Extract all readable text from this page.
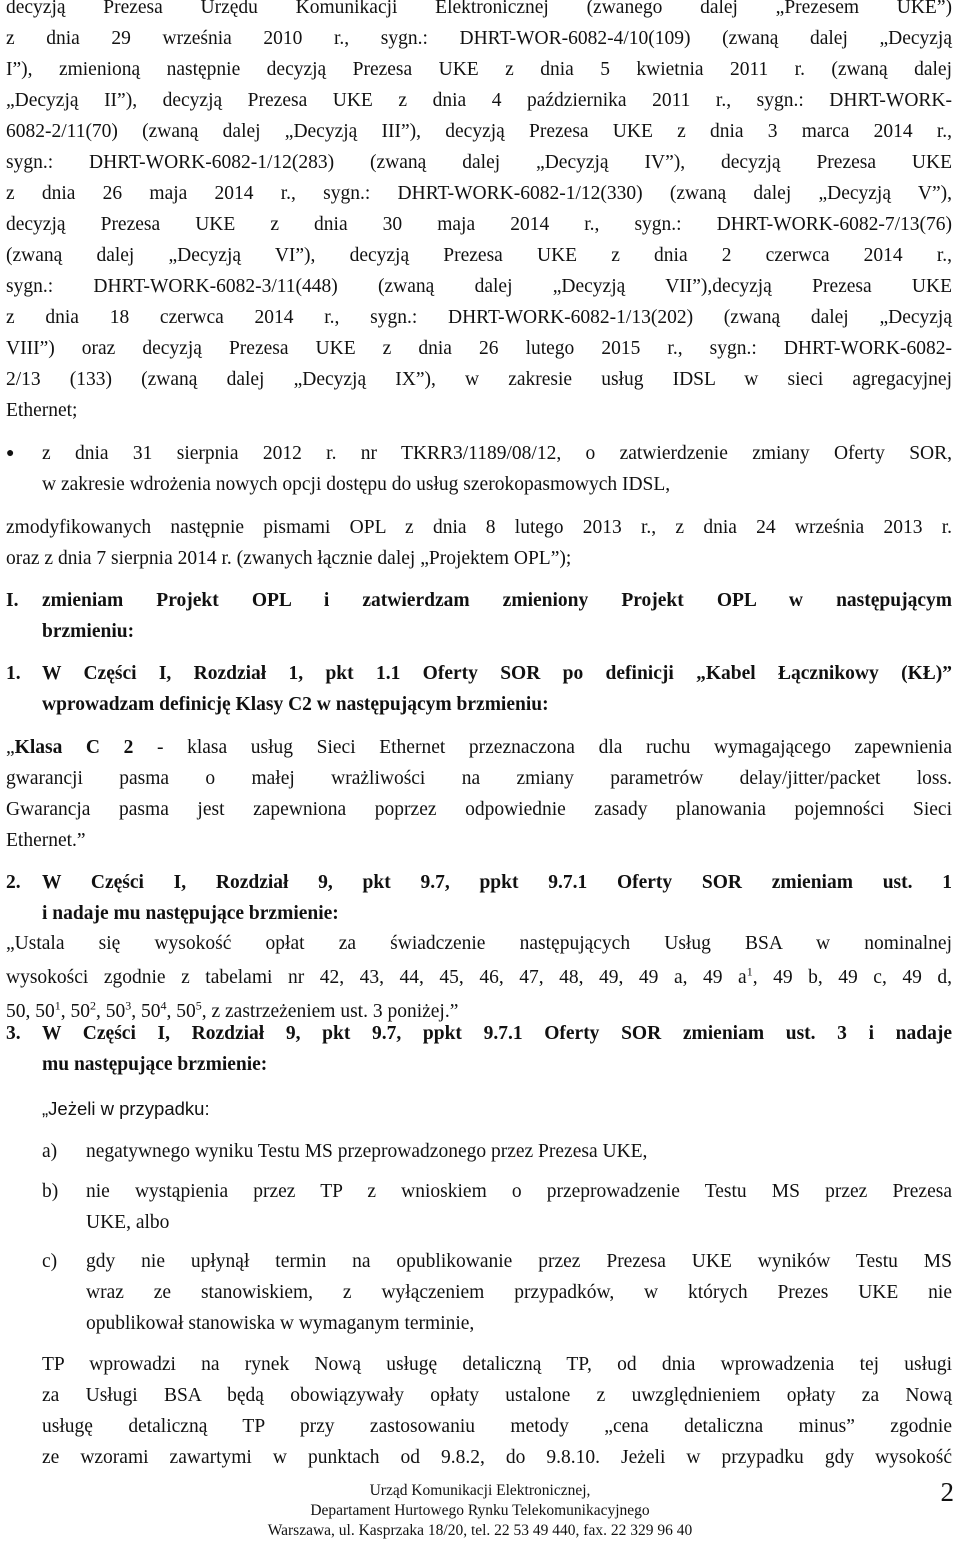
decyzją Prezesa Urzędu Komunikacji Elektronicznej (zwanego dalej „Prezesem UKE”)

z dnia 29 września 2010 r., sygn.: DHRT-WOR-6082-4/10(109) (zwaną dalej „Decyzją

I”), zmienioną następnie decyzją Prezesa UKE z dnia 5 kwietnia 2011 r. (zwaną dalej

„Decyzją II”), decyzją Prezesa UKE z dnia 4 października 2011 r., sygn.: DHRT-WORK-

6082-2/11(70) (zwaną dalej „Decyzją III”), decyzją Prezesa UKE z dnia 3 marca 2014 r.,

sygn.: DHRT-WORK-6082-1/12(283) (zwaną dalej „Decyzją IV”), decyzją Prezesa UKE

z dnia 26 maja 2014 r., sygn.: DHRT-WORK-6082-1/12(330) (zwaną dalej „Decyzją V”),

decyzją Prezesa UKE z dnia 30 maja 2014 r., sygn.: DHRT-WORK-6082-7/13(76)

(zwaną dalej „Decyzją VI”), decyzją Prezesa UKE z dnia 2 czerwca 2014 r.,

sygn.: DHRT-WORK-6082-3/11(448) (zwaną dalej „Decyzją VII”),decyzją Prezesa UKE

z dnia 18 czerwca 2014 r., sygn.: DHRT-WORK-6082-1/13(202) (zwaną dalej „Decyzją

VIII”) oraz decyzją Prezesa UKE z dnia 26 lutego 2015 r., sygn.: DHRT-WORK-6082-

2/13 (133) (zwaną dalej „Decyzją IX”), w zakresie usług IDSL w sieci agregacyjnej

Ethernet;

● z dnia 31 sierpnia 2012 r. nr TKRR3/1189/08/12, o zatwierdzenie zmiany Oferty SOR,

w zakresie wdrożenia nowych opcji dostępu do usług szerokopasmowych IDSL,

zmodyfikowanych następnie pismami OPL z dnia 8 lutego 2013 r., z dnia 24 września 2013 r.

oraz z dnia 7 sierpnia 2014 r. (zwanych łącznie dalej „Projektem OPL”);

I. zmieniam Projekt OPL i zatwierdzam zmieniony Projekt OPL w następującym

brzmieniu:

1. W Części I, Rozdział 1, pkt 1.1 Oferty SOR po definicji „Kabel Łącznikowy (KŁ)”

wprowadzam definicję Klasy C2 w następującym brzmieniu:

„Klasa C 2 - klasa usług Sieci Ethernet przeznaczona dla ruchu wymagającego zapewnienia

gwarancji pasma o małej wrażliwości na zmiany parametrów delay/jitter/packet loss.

Gwarancja pasma jest zapewniona poprzez odpowiednie zasady planowania pojemności Sieci

Ethernet.”

2. W Części I, Rozdział 9, pkt 9.7, ppkt 9.7.1 Oferty SOR zmieniam ust. 1

i nadaje mu następujące brzmienie:

„Ustala się wysokość opłat za świadczenie następujących Usług BSA w nominalnej

wysokości zgodnie z tabelami nr 42, 43, 44, 45, 46, 47, 48, 49, 49 a, 49 $a^1$, 49 b, 49 c, 49 d,

50, $50^1$, $50^2$, $50^3$, $50^4$, $50^5$, z zastrzeżeniem ust. 3 poniżej.”

3. W Części I, Rozdział 9, pkt 9.7, ppkt 9.7.1 Oferty SOR zmieniam ust. 3 i nadaje

mu następujące brzmienie:

„Jeżeli w przypadku:

a) negatywnego wyniku Testu MS przeprowadzonego przez Prezesa UKE,

b) nie wystąpienia przez TP z wnioskiem o przeprowadzenie Testu MS przez Prezesa

UKE, albo

c) gdy nie upłynął termin na opublikowanie przez Prezesa UKE wyników Testu MS

wraz ze stanowiskiem, z wyłączeniem przypadków, w których Prezes UKE nie

opublikował stanowiska w wymaganym terminie,

TP wprowadzi na rynek Nową usługę detaliczną TP, od dnia wprowadzenia tej usługi

za Usługi BSA będą obowiązywały opłaty ustalone z uwzględnieniem opłaty za Nową

usługę detaliczną TP przy zastosowaniu metody „cena detaliczna minus” zgodnie

ze wzorami zawartymi w punktach od 9.8.2, do 9.8.10. Jeżeli w przypadku gdy wysokość

Urząd Komunikacji Elektronicznej,
Departament Hurtowego Rynku Telekomunikacyjnego
Warszawa, ul. Kasprzaka 18/20, tel. 22 53 49 440, fax. 22 329 96 40
2
